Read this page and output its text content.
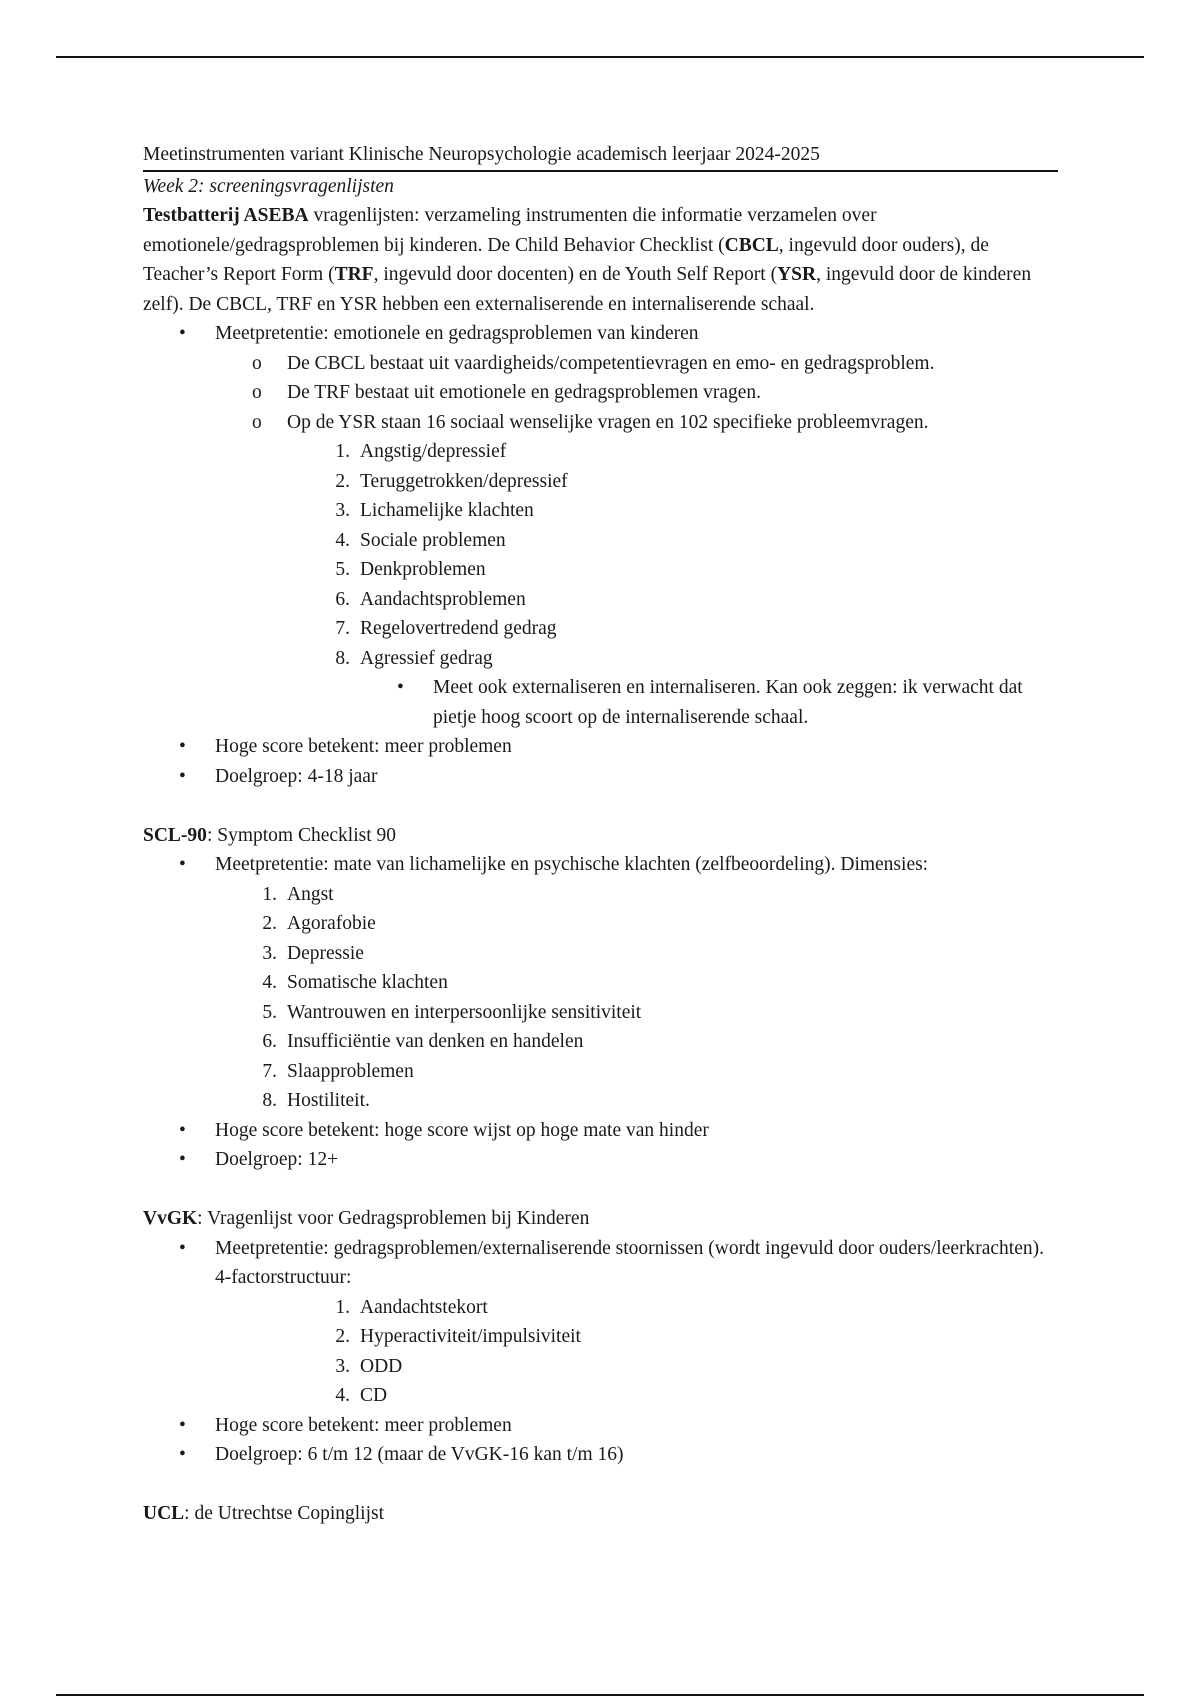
Meetinstrumenten variant Klinische Neuropsychologie academisch leerjaar 2024-2025

Week 2: screeningsvragenlijsten

Testbatterij ASEBA vragenlijsten: verzameling instrumenten die informatie verzamelen over emotionele/gedragsproblemen bij kinderen. De Child Behavior Checklist (CBCL, ingevuld door ouders), de Teacher’s Report Form (TRF, ingevuld door docenten) en de Youth Self Report (YSR, ingevuld door de kinderen zelf). De CBCL, TRF en YSR hebben een externaliserende en internaliserende schaal.

• Meetpretentie: emotionele en gedragsproblemen van kinderen
o De CBCL bestaat uit vaardigheids/competentievragen en emo- en gedragsproblem.
o De TRF bestaat uit emotionele en gedragsproblemen vragen.
o Op de YSR staan 16 sociaal wenselijke vragen en 102 specifieke probleemvragen.
1. Angstig/depressief
2. Teruggetrokken/depressief
3. Lichamelijke klachten
4. Sociale problemen
5. Denkproblemen
6. Aandachtsproblemen
7. Regelovertredend gedrag
8. Agressief gedrag
• Meet ook externaliseren en internaliseren. Kan ook zeggen: ik verwacht dat pietje hoog scoort op de internaliserende schaal.
• Hoge score betekent: meer problemen
• Doelgroep: 4-18 jaar

SCL-90: Symptom Checklist 90

• Meetpretentie: mate van lichamelijke en psychische klachten (zelfbeoordeling). Dimensies:
1. Angst
2. Agorafobie
3. Depressie
4. Somatische klachten
5. Wantrouwen en interpersoonlijke sensitiviteit
6. Insufficiëntie van denken en handelen
7. Slaapproblemen
8. Hostiliteit.
• Hoge score betekent: hoge score wijst op hoge mate van hinder
• Doelgroep: 12+

VvGK: Vragenlijst voor Gedragsproblemen bij Kinderen

• Meetpretentie: gedragsproblemen/externaliserende stoornissen (wordt ingevuld door ouders/leerkrachten). 4-factorstructuur:
1. Aandachtstekort
2. Hyperactiviteit/impulsiviteit
3. ODD
4. CD
• Hoge score betekent: meer problemen
• Doelgroep: 6 t/m 12 (maar de VvGK-16 kan t/m 16)

UCL: de Utrechtse Copinglijst
